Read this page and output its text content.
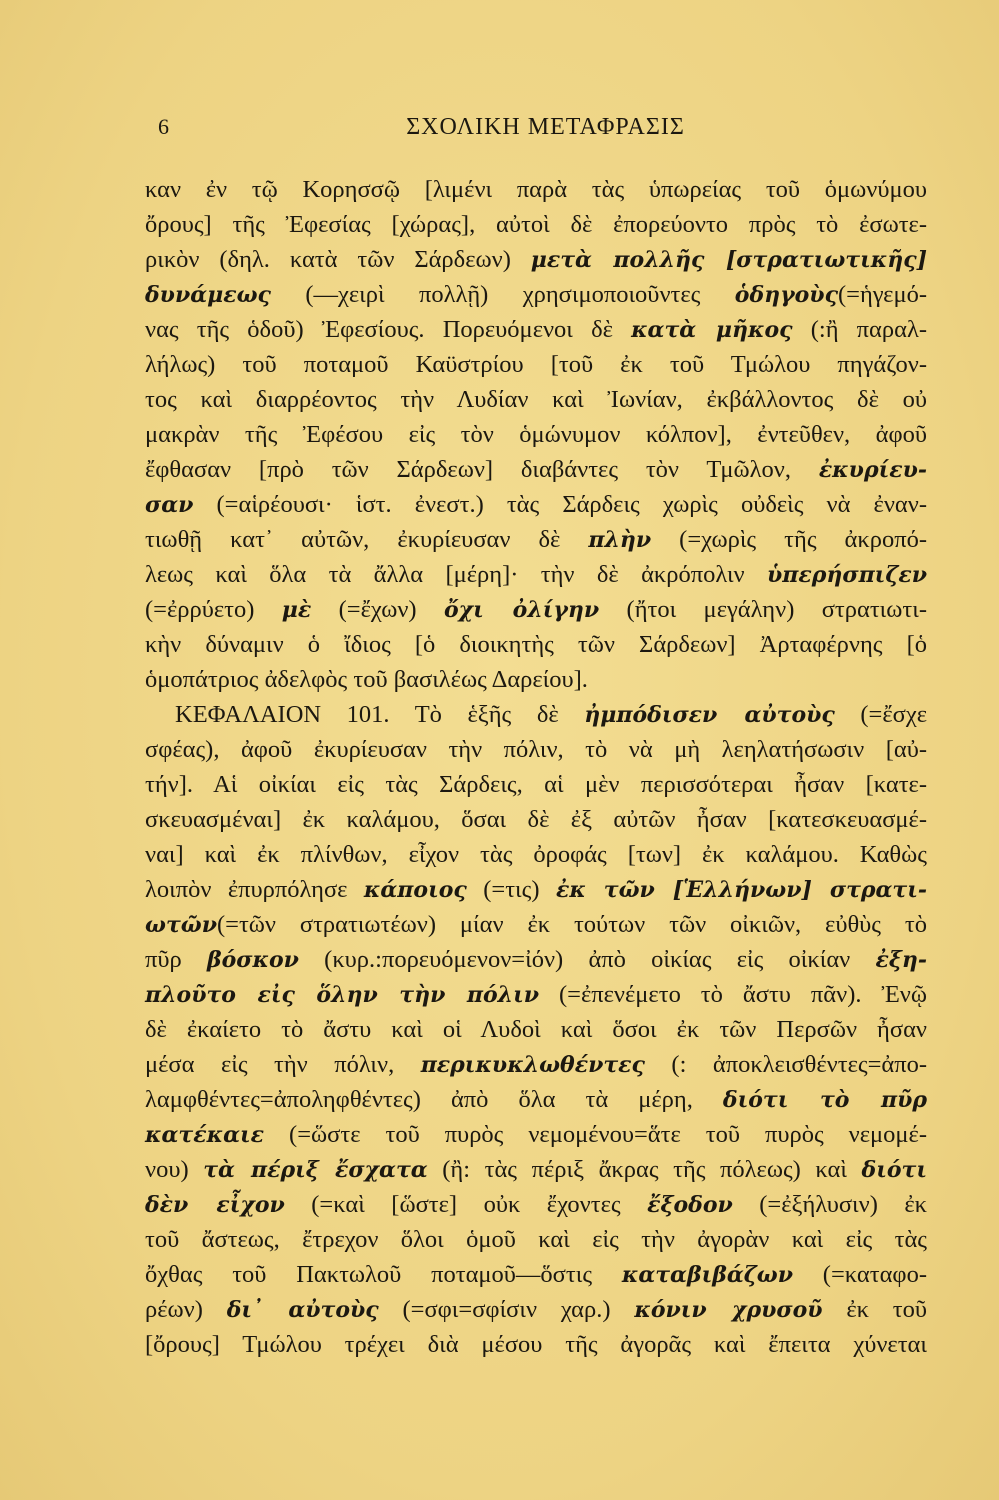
6	ΣΧΟΛΙΚΗ ΜΕΤΑΦΡΑΣΙΣ
καν ἐν τῷ Κορησσῷ [λιμένι παρὰ τὰς ὑπωρείας τοῦ ὁμωνύμου
ὄρους] τῆς Ἐφεσίας [χώρας], αὐτοὶ δὲ ἐπορεύοντο πρὸς τὸ ἐσωτε-
ρικὸν (δηλ. κατὰ τῶν Σάρδεων) μετὰ πολλῆς [στρατιωτικῆς]
δυνάμεως (—χειρὶ πολλῇ) χρησιμοποιοῦντες ὁδηγοὺς(=ἡγεμό-
νας τῆς ὁδοῦ) Ἐφεσίους. Πορευόμενοι δὲ κατὰ μῆκος (:ἢ παραλ-
λήλως) τοῦ ποταμοῦ Καϋστρίου [τοῦ ἐκ τοῦ Τμώλου πηγάζον-
τος καὶ διαρρέοντος τὴν Λυδίαν καὶ Ἰωνίαν, ἐκβάλλοντος δὲ οὐ
μακρὰν τῆς Ἐφέσου εἰς τὸν ὁμώνυμον κόλπον], ἐντεῦθεν, ἀφοῦ
ἔφθασαν [πρὸ τῶν Σάρδεων] διαβάντες τὸν Τμῶλον, ἐκυρίευ-
σαν (=αἱρέουσι· ἱστ. ἐνεστ.) τὰς Σάρδεις χωρὶς οὐδεὶς νὰ ἐναν-
τιωθῇ κατ᾽ αὐτῶν, ἐκυρίευσαν δὲ πλὴν (=χωρὶς τῆς ἀκροπό-
λεως καὶ ὅλα τὰ ἄλλα [μέρη]· τὴν δὲ ἀκρόπολιν ὑπερήσπιζεν
(=ἐρρύετο) μὲ (=ἔχων) ὄχι ὀλίγην (ἤτοι μεγάλην) στρατιωτι-
κὴν δύναμιν ὁ ἴδιος [ὁ διοικητὴς τῶν Σάρδεων] Ἀρταφέρνης [ὁ
ὁμοπάτριος ἀδελφὸς τοῦ βασιλέως Δαρείου].
ΚΕΦΑΛΑΙΟΝ 101. Τὸ ἑξῆς δὲ ἠμπόδισεν αὐτοὺς (=ἔσχε
σφέας), ἀφοῦ ἐκυρίευσαν τὴν πόλιν, τὸ νὰ μὴ λεηλατήσωσιν [αὐ-
τήν]. Αἱ οἰκίαι εἰς τὰς Σάρδεις, αἱ μὲν περισσότεραι ἦσαν [κατε-
σκευασμέναι] ἐκ καλάμου, ὅσαι δὲ ἐξ αὐτῶν ἦσαν [κατεσκευασμέ-
ναι] καὶ ἐκ πλίνθων, εἶχον τὰς ὀροφάς [των] ἐκ καλάμου. Καθὼς
λοιπὸν ἐπυρπόλησε κάποιος (=τις) ἐκ τῶν [Ἑλλήνων] στρατι-
ωτῶν(=τῶν στρατιωτέων) μίαν ἐκ τούτων τῶν οἰκιῶν, εὐθὺς τὸ
πῦρ βόσκον (κυρ.:πορευόμενον=ἰόν) ἀπὸ οἰκίας εἰς οἰκίαν ἐξη-
πλοῦτο εἰς ὅλην τὴν πόλιν (=ἐπενέμετο τὸ ἄστυ πᾶν). Ἐνῷ
δὲ ἐκαίετο τὸ ἄστυ καὶ οἱ Λυδοὶ καὶ ὅσοι ἐκ τῶν Περσῶν ἦσαν
μέσα εἰς τὴν πόλιν, περικυκλωθέντες (: ἀποκλεισθέντες=ἀπο-
λαμφθέντες=ἀποληφθέντες) ἀπὸ ὅλα τὰ μέρη, διότι τὸ πῦρ
κατέκαιε (=ὥστε τοῦ πυρὸς νεμομένου=ἅτε τοῦ πυρὸς νεμομέ-
νου) τὰ πέριξ ἔσχατα (ἢ: τὰς πέριξ ἄκρας τῆς πόλεως) καὶ διότι
δὲν εἶχον (=καὶ [ὥστε] οὐκ ἔχοντες ἔξοδον (=ἐξήλυσιν) ἐκ
τοῦ ἄστεως, ἔτρεχον ὅλοι ὁμοῦ καὶ εἰς τὴν ἀγορὰν καὶ εἰς τὰς
ὄχθας τοῦ Πακτωλοῦ ποταμοῦ—ὅστις καταβιβάζων (=καταφο-
ρέων) δι᾽ αὐτοὺς (=σφι=σφίσιν χαρ.) κόνιν χρυσοῦ ἐκ τοῦ
[ὄρους] Τμώλου τρέχει διὰ μέσου τῆς ἀγορᾶς καὶ ἔπειτα χύνεται
